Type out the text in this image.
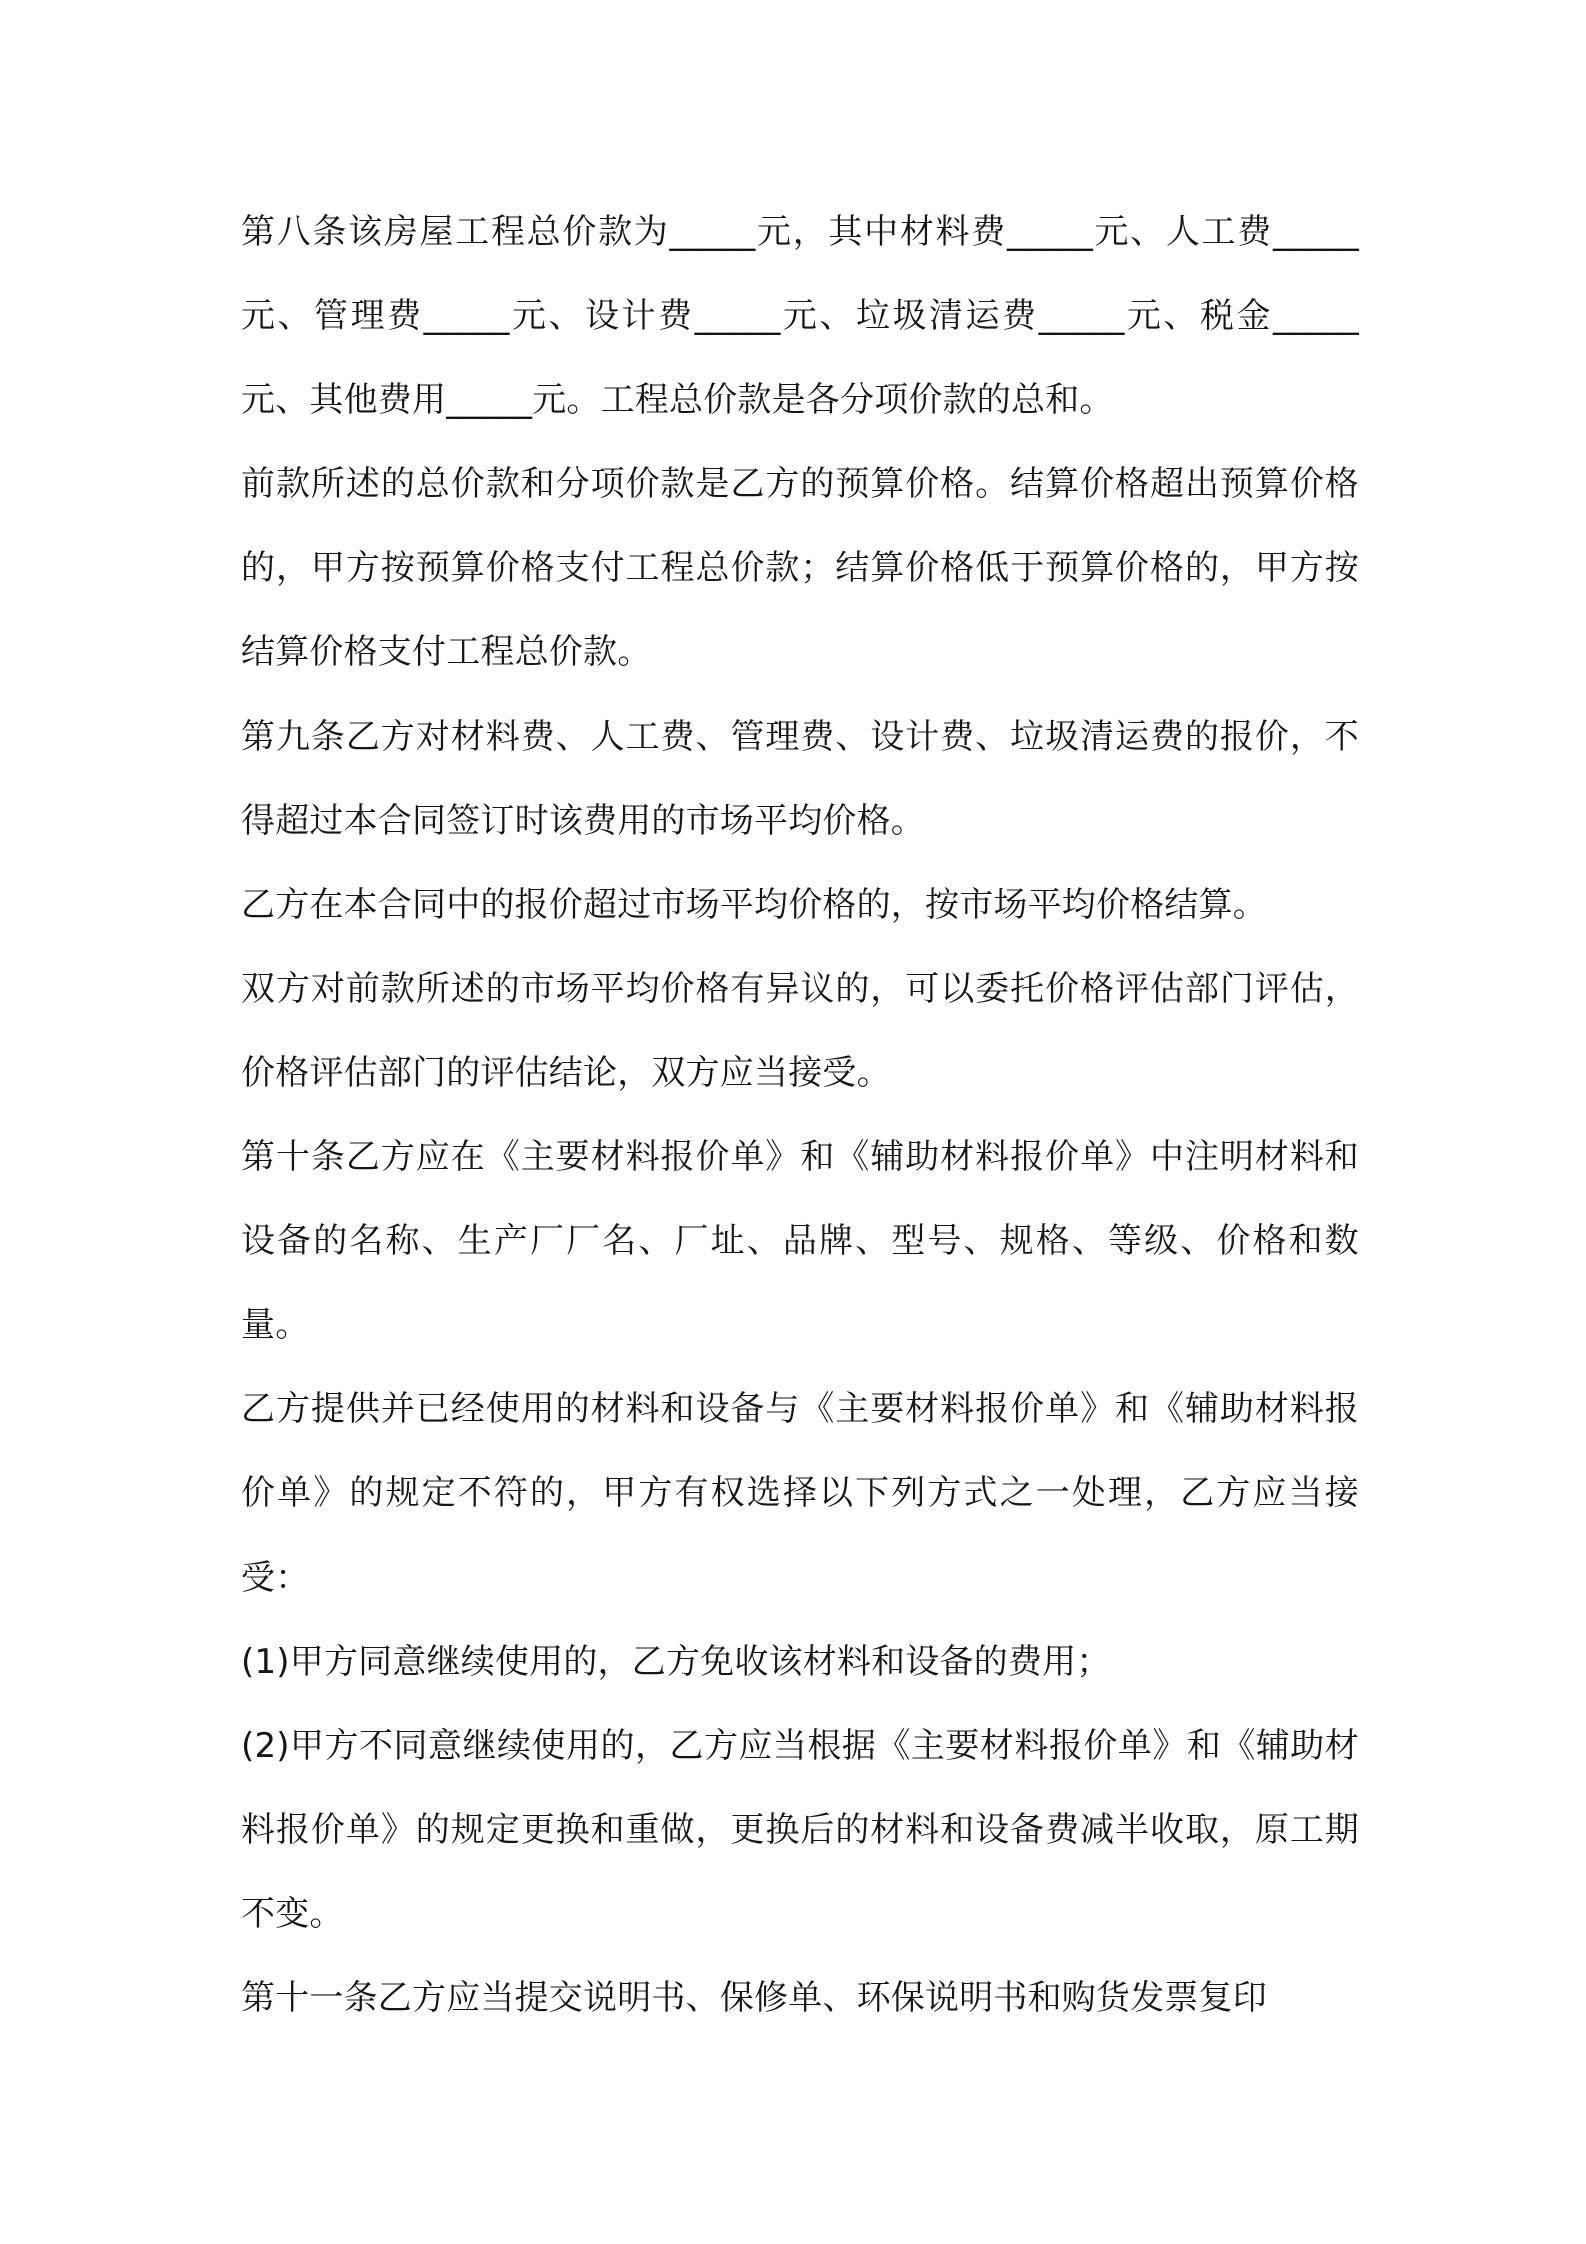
第八条该房屋工程总价款为_____元，其中材料费_____元、人工费_____元、管理费_____元、设计费_____元、垃圾清运费_____元、税金_____元、其他费用_____元。工程总价款是各分项价款的总和。

前款所述的总价款和分项价款是乙方的预算价格。结算价格超出预算价格的，甲方按预算价格支付工程总价款；结算价格低于预算价格的，甲方按结算价格支付工程总价款。

第九条乙方对材料费、人工费、管理费、设计费、垃圾清运费的报价，不得超过本合同签订时该费用的市场平均价格。

乙方在本合同中的报价超过市场平均价格的，按市场平均价格结算。

双方对前款所述的市场平均价格有异议的，可以委托价格评估部门评估，价格评估部门的评估结论，双方应当接受。

第十条乙方应在《主要材料报价单》和《辅助材料报价单》中注明材料和设备的名称、生产厂厂名、厂址、品牌、型号、规格、等级、价格和数量。

乙方提供并已经使用的材料和设备与《主要材料报价单》和《辅助材料报价单》的规定不符的，甲方有权选择以下列方式之一处理，乙方应当接受：

(1)甲方同意继续使用的，乙方免收该材料和设备的费用；

(2)甲方不同意继续使用的，乙方应当根据《主要材料报价单》和《辅助材料报价单》的规定更换和重做，更换后的材料和设备费减半收取，原工期不变。

第十一条乙方应当提交说明书、保修单、环保说明书和购货发票复印
